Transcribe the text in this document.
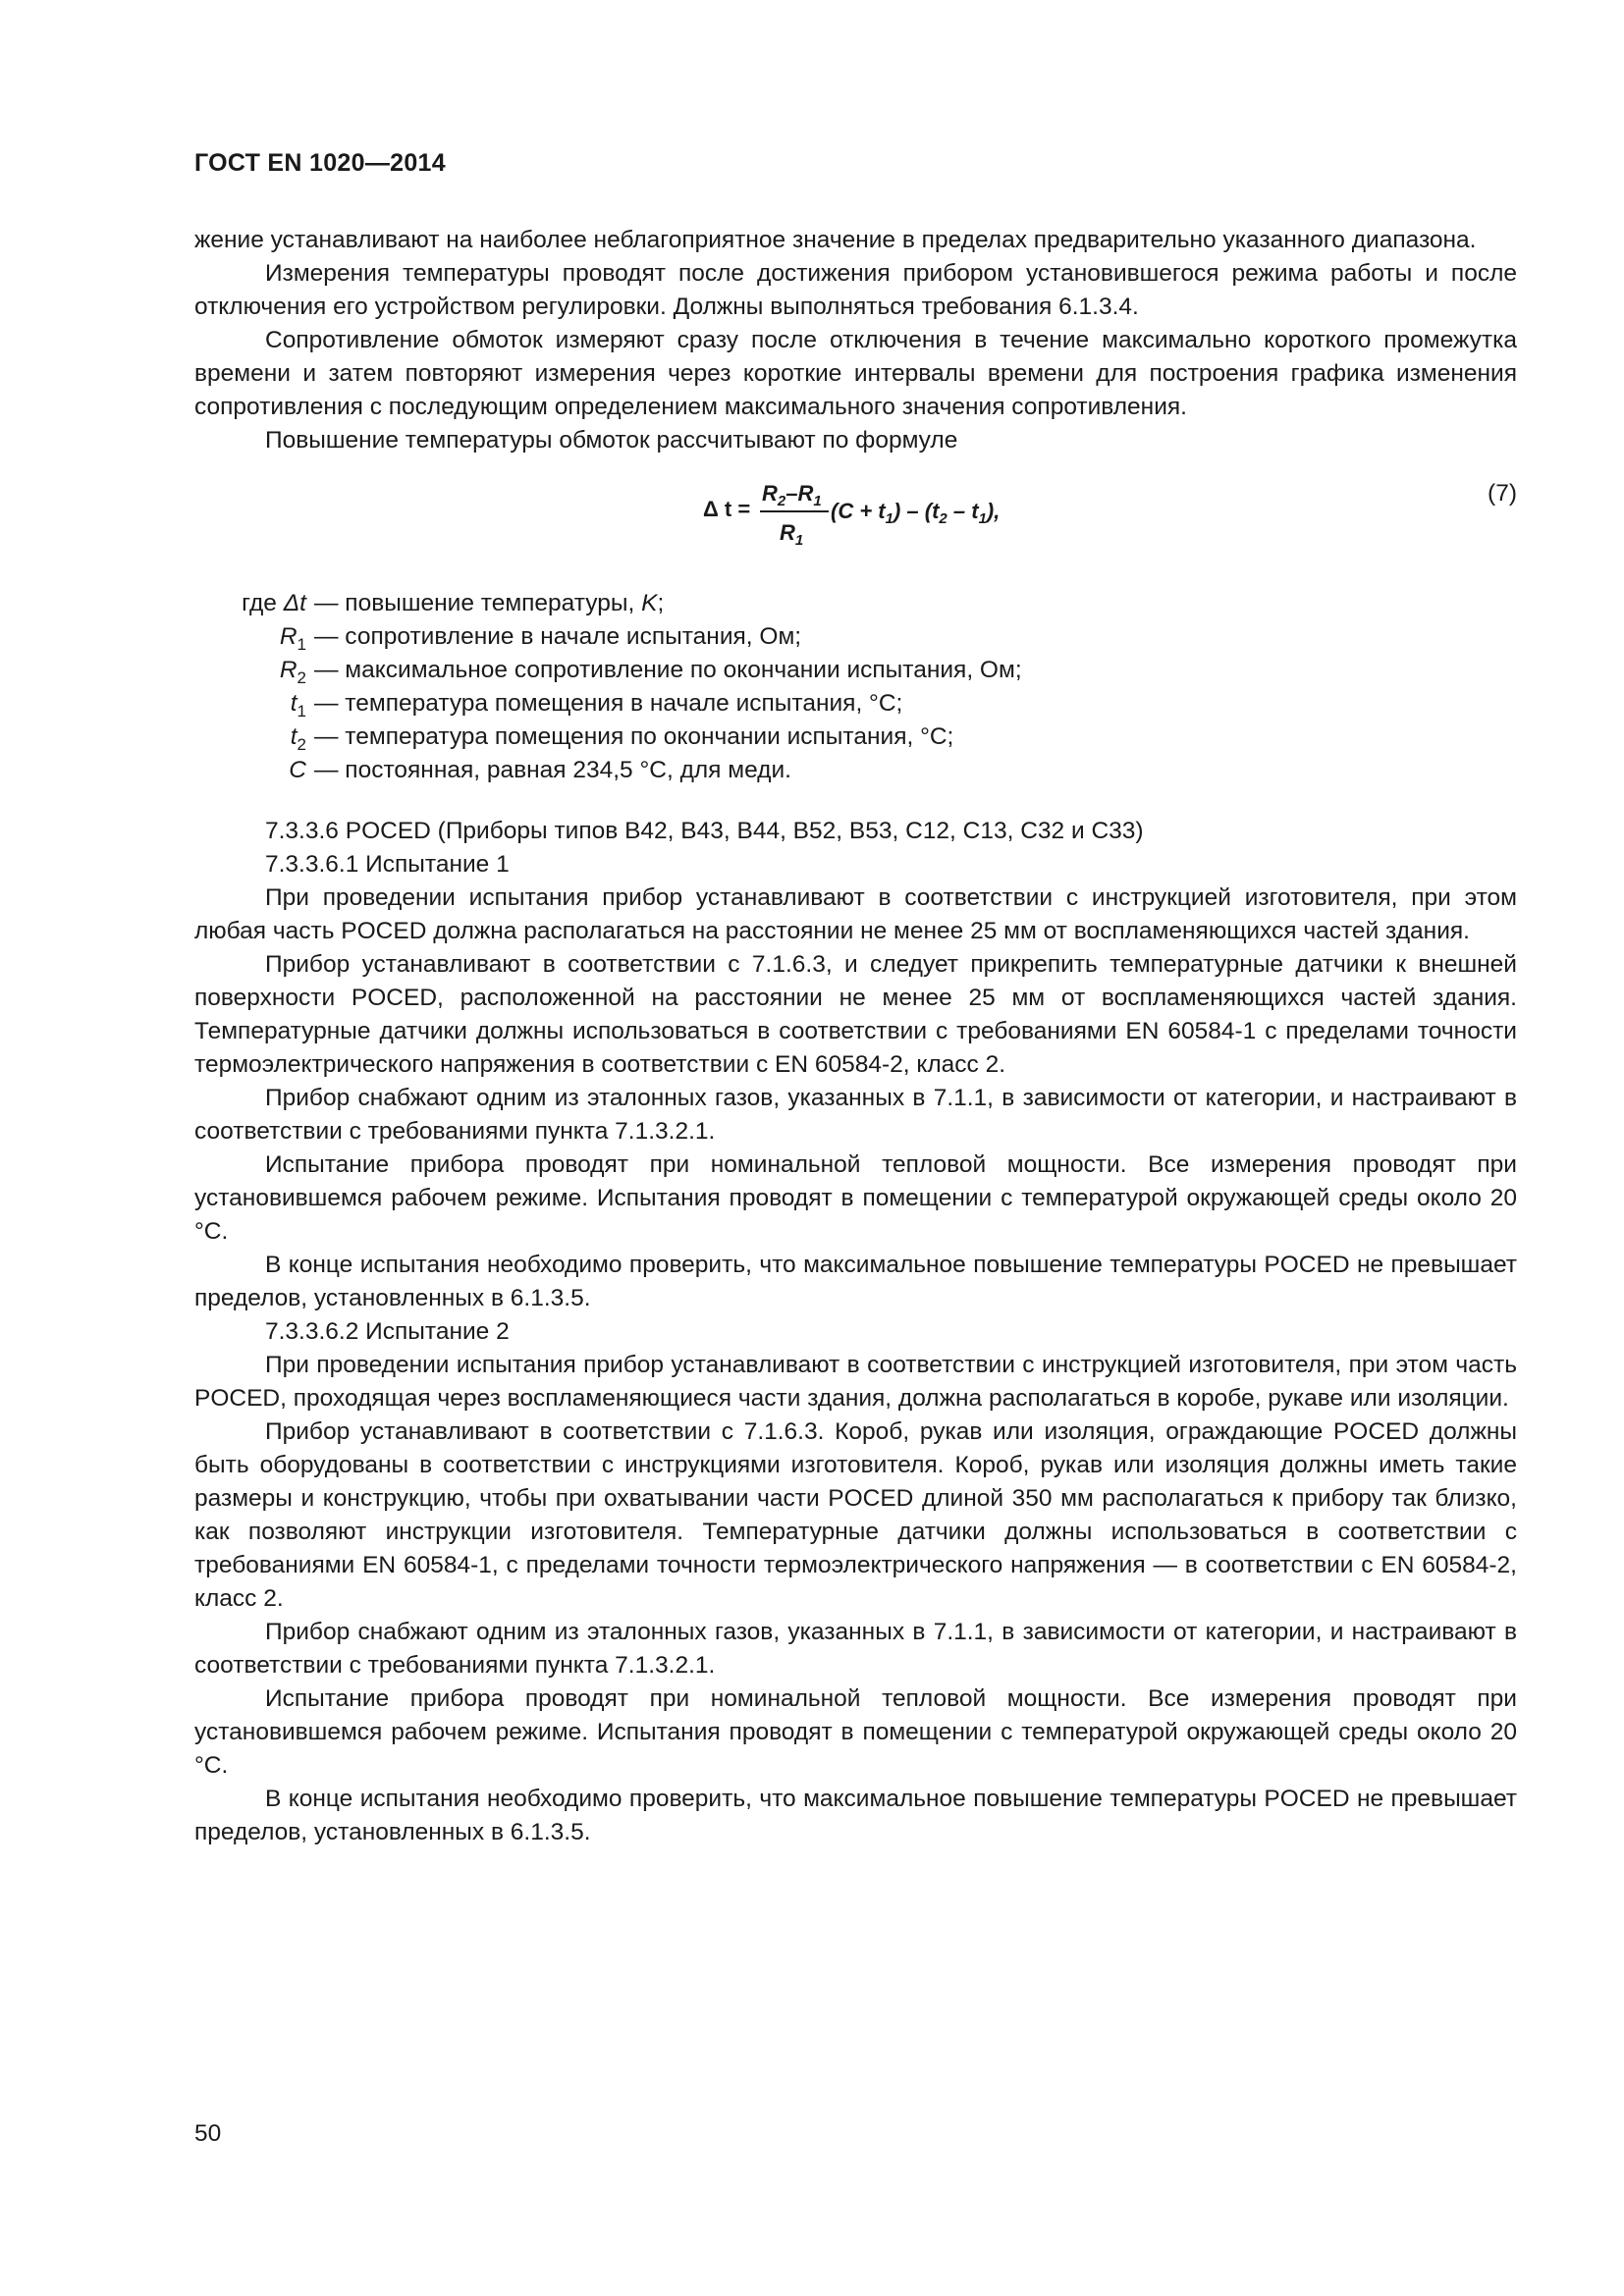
ГОСТ EN 1020—2014

жение устанавливают на наиболее неблагоприятное значение в пределах предварительно указанного диапазона.

Измерения температуры проводят после достижения прибором установившегося режима работы и после отключения его устройством регулировки. Должны выполняться требования 6.1.3.4.

Сопротивление обмоток измеряют сразу после отключения в течение максимально короткого промежутка времени и затем повторяют измерения через короткие интервалы времени для построения графика изменения сопротивления с последующим определением максимального значения сопротивления.

Повышение температуры обмоток рассчитывают по формуле

Δ t =
$R_2-R_1$
$R_1$
$(C + t_1) - (t_2 - t_1)$,
(7)
где Δt — повышение температуры, K;
$R_1$ — сопротивление в начале испытания, Ом;
$R_2$ — максимальное сопротивление по окончании испытания, Ом;
$t_1$ — температура помещения в начале испытания, °С;
$t_2$ — температура помещения по окончании испытания, °С;
C — постоянная, равная 234,5 °С, для меди.

7.3.3.6 POCED (Приборы типов В42, В43, В44, В52, В53, С12, С13, С32 и С33)

7.3.3.6.1 Испытание 1

При проведении испытания прибор устанавливают в соответствии с инструкцией изготовителя, при этом любая часть POCED должна располагаться на расстоянии не менее 25 мм от воспламеняющихся частей здания.

Прибор устанавливают в соответствии с 7.1.6.3, и следует прикрепить температурные датчики к внешней поверхности POCED, расположенной на расстоянии не менее 25 мм от воспламеняющихся частей здания. Температурные датчики должны использоваться в соответствии с требованиями EN 60584-1 с пределами точности термоэлектрического напряжения в соответствии с EN 60584-2, класс 2.

Прибор снабжают одним из эталонных газов, указанных в 7.1.1, в зависимости от категории, и настраивают в соответствии с требованиями пункта 7.1.3.2.1.

Испытание прибора проводят при номинальной тепловой мощности. Все измерения проводят при установившемся рабочем режиме. Испытания проводят в помещении с температурой окружающей среды около 20 °С.

В конце испытания необходимо проверить, что максимальное повышение температуры POCED не превышает пределов, установленных в 6.1.3.5.

7.3.3.6.2 Испытание 2

При проведении испытания прибор устанавливают в соответствии с инструкцией изготовителя, при этом часть POCED, проходящая через воспламеняющиеся части здания, должна располагаться в коробе, рукаве или изоляции.

Прибор устанавливают в соответствии с 7.1.6.3. Короб, рукав или изоляция, ограждающие POCED должны быть оборудованы в соответствии с инструкциями изготовителя. Короб, рукав или изоляция должны иметь такие размеры и конструкцию, чтобы при охватывании части POCED длиной 350 мм располагаться к прибору так близко, как позволяют инструкции изготовителя. Температурные датчики должны использоваться в соответствии с требованиями EN 60584-1, с пределами точности термоэлектрического напряжения — в соответствии с EN 60584-2, класс 2.

Прибор снабжают одним из эталонных газов, указанных в 7.1.1, в зависимости от категории, и настраивают в соответствии с требованиями пункта 7.1.3.2.1.

Испытание прибора проводят при номинальной тепловой мощности. Все измерения проводят при установившемся рабочем режиме. Испытания проводят в помещении с температурой окружающей среды около 20 °С.

В конце испытания необходимо проверить, что максимальное повышение температуры POCED не превышает пределов, установленных в 6.1.3.5.

50
